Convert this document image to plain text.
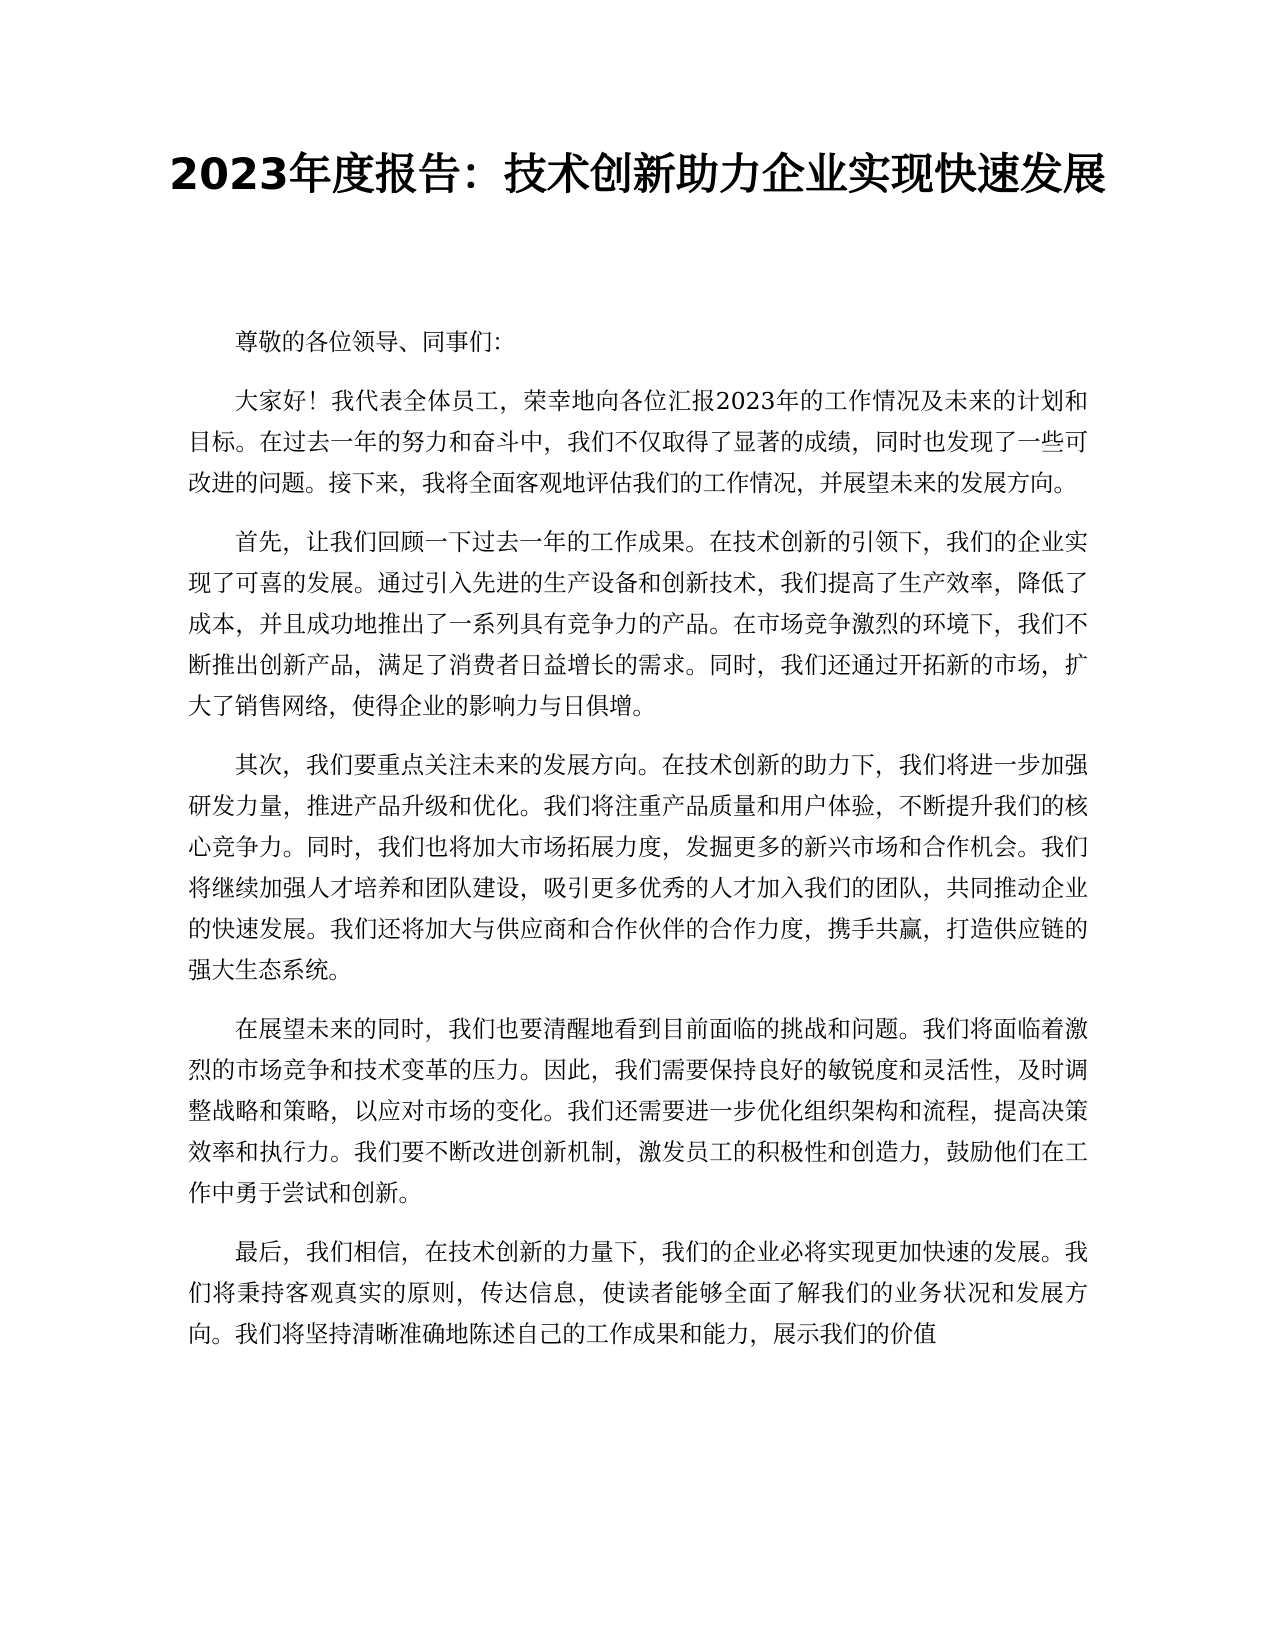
2023年度报告：技术创新助力企业实现快速发展

尊敬的各位领导、同事们：

大家好！我代表全体员工，荣幸地向各位汇报2023年的工作情况及未来的计划和目标。在过去一年的努力和奋斗中，我们不仅取得了显著的成绩，同时也发现了一些可改进的问题。接下来，我将全面客观地评估我们的工作情况，并展望未来的发展方向。

首先，让我们回顾一下过去一年的工作成果。在技术创新的引领下，我们的企业实现了可喜的发展。通过引入先进的生产设备和创新技术，我们提高了生产效率，降低了成本，并且成功地推出了一系列具有竞争力的产品。在市场竞争激烈的环境下，我们不断推出创新产品，满足了消费者日益增长的需求。同时，我们还通过开拓新的市场，扩大了销售网络，使得企业的影响力与日俱增。

其次，我们要重点关注未来的发展方向。在技术创新的助力下，我们将进一步加强研发力量，推进产品升级和优化。我们将注重产品质量和用户体验，不断提升我们的核心竞争力。同时，我们也将加大市场拓展力度，发掘更多的新兴市场和合作机会。我们将继续加强人才培养和团队建设，吸引更多优秀的人才加入我们的团队，共同推动企业的快速发展。我们还将加大与供应商和合作伙伴的合作力度，携手共赢，打造供应链的强大生态系统。

在展望未来的同时，我们也要清醒地看到目前面临的挑战和问题。我们将面临着激烈的市场竞争和技术变革的压力。因此，我们需要保持良好的敏锐度和灵活性，及时调整战略和策略，以应对市场的变化。我们还需要进一步优化组织架构和流程，提高决策效率和执行力。我们要不断改进创新机制，激发员工的积极性和创造力，鼓励他们在工作中勇于尝试和创新。

最后，我们相信，在技术创新的力量下，我们的企业必将实现更加快速的发展。我们将秉持客观真实的原则，传达信息，使读者能够全面了解我们的业务状况和发展方向。我们将坚持清晰准确地陈述自己的工作成果和能力，展示我们的价值
